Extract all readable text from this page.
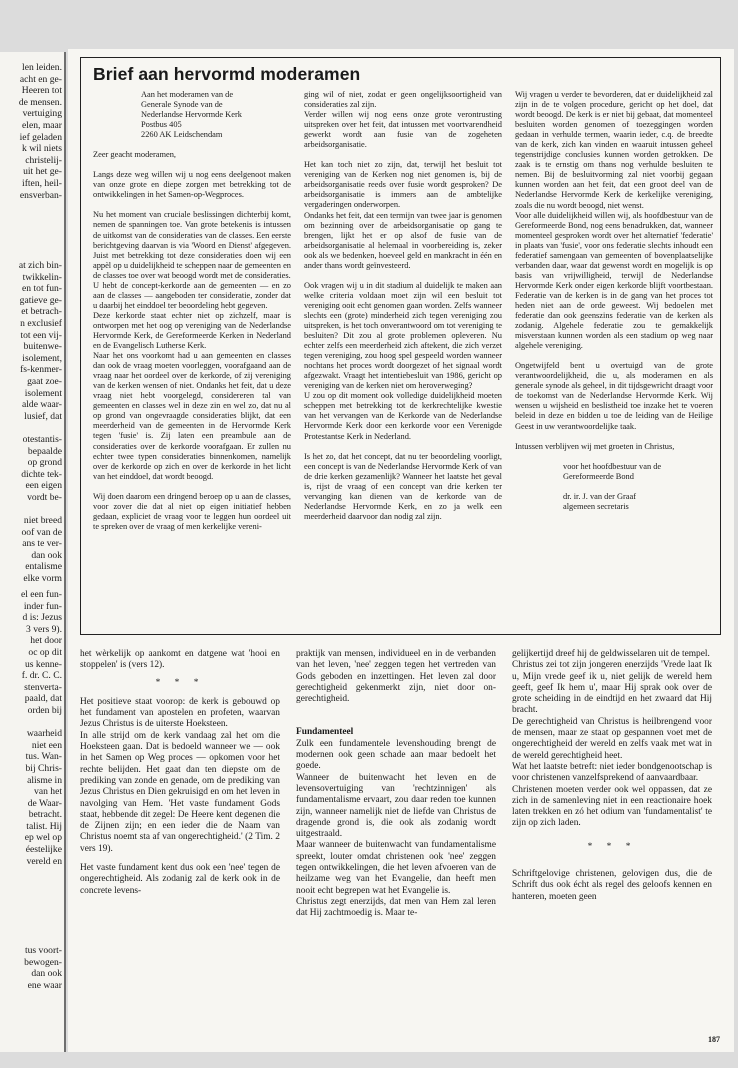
len leiden.

acht en ge-

Heeren tot

de mensen.

vertuiging

elen, maar

ief geladen

k wil niets

christelij-

uit het ge-

iften, heil-

ensverban-

at zich bin-

twikkelin-

en tot fun-

gatieve ge-

et betrach-

n exclusief

tot een vij-

buitenwe-

isolement,

fs-kenmer-

gaat zoe-

isolement

alde waar-

lusief, dat

otestantis-

bepaalde

op grond

dichte tek-

een eigen

vordt be-

niet breed

oof van de

ans te ver-

dan ook

entalisme

elke vorm

el een fun-

inder fun-

d is: Jezus

3 vers 9).

het door

oc op dit

us kenne-

f. dr. C. C.

stenverta-

paald, dat

orden bij

waarheid

niet een

tus. Wan-

bij Chris-

alisme in

van het

de Waar-

betracht.

talist. Hij

ep wel op

éestelijke

vereld en

tus voort-

bewogen-

dan ook

ene waar

Brief aan hervormd moderamen

Aan het moderamen van de

Generale Synode van de

Nederlandse Hervormde Kerk

Postbus 405

2260 AK Leidschendam

Zeer geacht moderamen,

Langs deze weg willen wij u nog eens deelgenoot maken van onze grote en diepe zorgen met betrekking tot de ontwikkelingen in het Samen-op-Wegproces.

Nu het moment van cruciale beslissingen dichterbij komt, nemen de spanningen toe. Van grote betekenis is intussen de uitkomst van de consideraties van de classes. Een eerste berichtgeving daarvan is via 'Woord en Dienst' afgegeven. Juist met betrekking tot deze consideraties doen wij een appèl op u duidelijkheid te scheppen naar de gemeenten en de classes toe over wat beoogd wordt met de consideraties.

U hebt de concept-kerkorde aan de gemeenten — en zo aan de classes — aangeboden ter consideratie, zonder dat u daarbij het einddoel ter beoordeling hebt gegeven.

Deze kerkorde staat echter niet op zichzelf, maar is ontworpen met het oog op vereniging van de Nederlandse Hervormde Kerk, de Gereformeerde Kerken in Nederland en de Evangelisch Lutherse Kerk.

Naar het ons voorkomt had u aan gemeenten en classes dan ook de vraag moeten voorleggen, voorafgaand aan de vraag naar het oordeel over de kerkorde, of zij vereniging van de kerken wensen of niet. Ondanks het feit, dat u deze vraag niet hebt voorgelegd, considereren tal van gemeenten en classes wel in deze zin en wel zo, dat nu al op grond van ongevraagde consideraties blijkt, dat een meerderheid van de gemeenten in de Hervormde Kerk tegen 'fusie' is. Zij laten een preambule aan de consideraties over de kerkorde voorafgaan. Er zullen nu echter twee typen consideraties binnenkomen, namelijk over de kerkorde op zich en over de kerkorde in het licht van het einddoel, dat wordt beoogd.

Wij doen daarom een dringend beroep op u aan de classes, voor zover die dat al niet op eigen initiatief hebben gedaan, expliciet de vraag voor te leggen hun oordeel uit te spreken over de vraag of men kerkelijke vereni-

ging wil of niet, zodat er geen ongelijksoortigheid van consideraties zal zijn.

Verder willen wij nog eens onze grote verontrusting uitspreken over het feit, dat intussen met voortvarendheid gewerkt wordt aan fusie van de zogeheten arbeidsorganisatie.

Het kan toch niet zo zijn, dat, terwijl het besluit tot vereniging van de Kerken nog niet genomen is, bij de arbeidsorganisatie reeds over fusie wordt gesproken? De arbeidsorganisatie is immers aan de ambtelijke vergaderingen onderworpen.

Ondanks het feit, dat een termijn van twee jaar is genomen om bezinning over de arbeidsorganisatie op gang te brengen, lijkt het er op alsof de fusie van de arbeidsorganisatie al helemaal in voorbereiding is, zeker ook als we bedenken, hoeveel geld en mankracht in één en ander thans wordt geïnvesteerd.

Ook vragen wij u in dit stadium al duidelijk te maken aan welke criteria voldaan moet zijn wil een besluit tot vereniging ooit echt genomen gaan worden. Zelfs wanneer slechts een (grote) minderheid zich tegen vereniging zou uitspreken, is het toch onverantwoord om tot vereniging te besluiten? Dit zou al grote problemen opleveren. Nu echter zelfs een meerderheid zich aftekent, die zich verzet tegen vereniging, zou hoog spel gespeeld worden wanneer nochtans het proces wordt doorgezet of het signaal wordt afgezwakt. Vraagt het intentiebesluit van 1986, gericht op vereniging van de kerken niet om heroverweging?

U zou op dit moment ook volledige duidelijkheid moeten scheppen met betrekking tot de kerkrechtelijke kwestie van het vervangen van de Kerkorde van de Nederlandse Hervormde Kerk door een kerkorde voor een Verenigde Protestantse Kerk in Nederland.

Is het zo, dat het concept, dat nu ter beoordeling voorligt, een concept is van de Nederlandse Hervormde Kerk of van de drie kerken gezamenlijk? Wanneer het laatste het geval is, rijst de vraag of een concept van drie kerken ter vervanging kan dienen van de kerkorde van de Nederlandse Hervormde Kerk, en zo ja welk een meerderheid daarvoor dan nodig zal zijn.

Wij vragen u verder te bevorderen, dat er duidelijkheid zal zijn in de te volgen procedure, gericht op het doel, dat wordt beoogd. De kerk is er niet bij gebaat, dat momenteel besluiten worden genomen of toezeggingen worden gedaan in verhulde termen, waarin ieder, c.q. de breedte van de kerk, zich kan vinden en waaruit intussen geheel tegenstrijdige conclusies kunnen worden getrokken. De zaak is te ernstig om thans nog verhulde besluiten te nemen. Bij de besluitvorming zal niet voorbij gegaan kunnen worden aan het feit, dat een groot deel van de Nederlandse Hervormde Kerk de kerkelijke vereniging, zoals die nu wordt beoogd, niet wenst.

Voor alle duidelijkheid willen wij, als hoofdbestuur van de Gereformeerde Bond, nog eens benadrukken, dat, wanneer momenteel gesproken wordt over het alternatief 'federatie' in plaats van 'fusie', voor ons federatie slechts inhoudt een federatief samengaan van gemeenten of bovenplaatselijke verbanden daar, waar dat gewenst wordt en mogelijk is op basis van vrijwilligheid, terwijl de Nederlandse Hervormde Kerk onder eigen kerkorde blijft voortbestaan. Federatie van de kerken is in de gang van het proces tot heden niet aan de orde geweest. Wij bedoelen met federatie dan ook geenszins federatie van de kerken als zodanig. Algehele federatie zou te gemakkelijk misverstaan kunnen worden als een stadium op weg naar algehele vereniging.

Ongetwijfeld bent u overtuigd van de grote verantwoordelijkheid, die u, als moderamen en als generale synode als geheel, in dit tijdsgewricht draagt voor de toekomst van de Nederlandse Hervormde Kerk. Wij wensen u wijsheid en beslistheid toe inzake het te voeren beleid in deze en bidden u toe de leiding van de Heilige Geest in uw verantwoordelijke taak.

Intussen verblijven wij met groeten in Christus,

voor het hoofdbestuur van de

Gereformeerde Bond

dr. ir. J. van der Graaf

algemeen secretaris

het wèrkelijk op aankomt en datgene wat 'hooi en stoppelen' is (vers 12).

* * *

Het positieve staat voorop: de kerk is gebouwd op het fundament van apostelen en profeten, waarvan Jezus Christus is de uiterste Hoeksteen.

In alle strijd om de kerk vandaag zal het om die Hoeksteen gaan. Dat is bedoeld wanneer we — ook in het Samen op Weg proces — opkomen voor het rechte belijden. Het gaat dan ten diepste om de prediking van zonde en genade, om de prediking van Jezus Christus en Dien gekruisigd en om het leven in navolging van Hem. 'Het vaste fundament Gods staat, hebbende dit zegel: De Heere kent degenen die de Zijnen zijn; en een ieder die de Naam van Christus noemt sta af van ongerechtigheid.' (2 Tim. 2 vers 19).

Het vaste fundament kent dus ook een 'nee' tegen de ongerechtigheid. Als zodanig zal de kerk ook in de concrete levens-

praktijk van mensen, individueel en in de verbanden van het leven, 'nee' zeggen tegen het vertreden van Gods geboden en inzettingen. Het leven zal door gerechtigheid gekenmerkt zijn, niet door on-gerechtigheid.

Fundamenteel

Zulk een fundamentele levenshouding brengt de modernen ook geen schade aan maar bedoelt het goede.

Wanneer de buitenwacht het leven en de levensovertuiging van 'rechtzinnigen' als fundamentalisme ervaart, zou daar reden toe kunnen zijn, wanneer namelijk niet de liefde van Christus de dragende grond is, die ook als zodanig wordt uitgestraald.

Maar wanneer de buitenwacht van fundamentalisme spreekt, louter omdat christenen ook 'nee' zeggen tegen ontwikkelingen, die het leven afvoeren van de heilzame weg van het Evangelie, dan heeft men nooit echt begrepen wat het Evangelie is.

Christus zegt enerzijds, dat men van Hem zal leren dat Hij zachtmoedig is. Maar te-

gelijkertijd dreef hij de geldwisselaren uit de tempel.

Christus zei tot zijn jongeren enerzijds 'Vrede laat Ik u, Mijn vrede geef ik u, niet gelijk de wereld hem geeft, geef Ik hem u', maar Hij sprak ook over de grote scheiding in de eindtijd en het zwaard dat Hij bracht.

De gerechtigheid van Christus is heilbrengend voor de mensen, maar ze staat op gespannen voet met de ongerechtigheid der wereld en zelfs vaak met wat in de wereld gerechtigheid heet.

Wat het laatste betreft: niet ieder bondgenootschap is voor christenen vanzelfsprekend of aanvaardbaar.

Christenen moeten verder ook wel oppassen, dat ze zich in de samenleving niet in een reactionaire hoek laten trekken en zó het odium van 'fundamentalist' te zijn op zich laden.

* * *

Schriftgelovige christenen, gelovigen dus, die de Schrift dus ook écht als regel des geloofs kennen en hanteren, moeten geen

187
